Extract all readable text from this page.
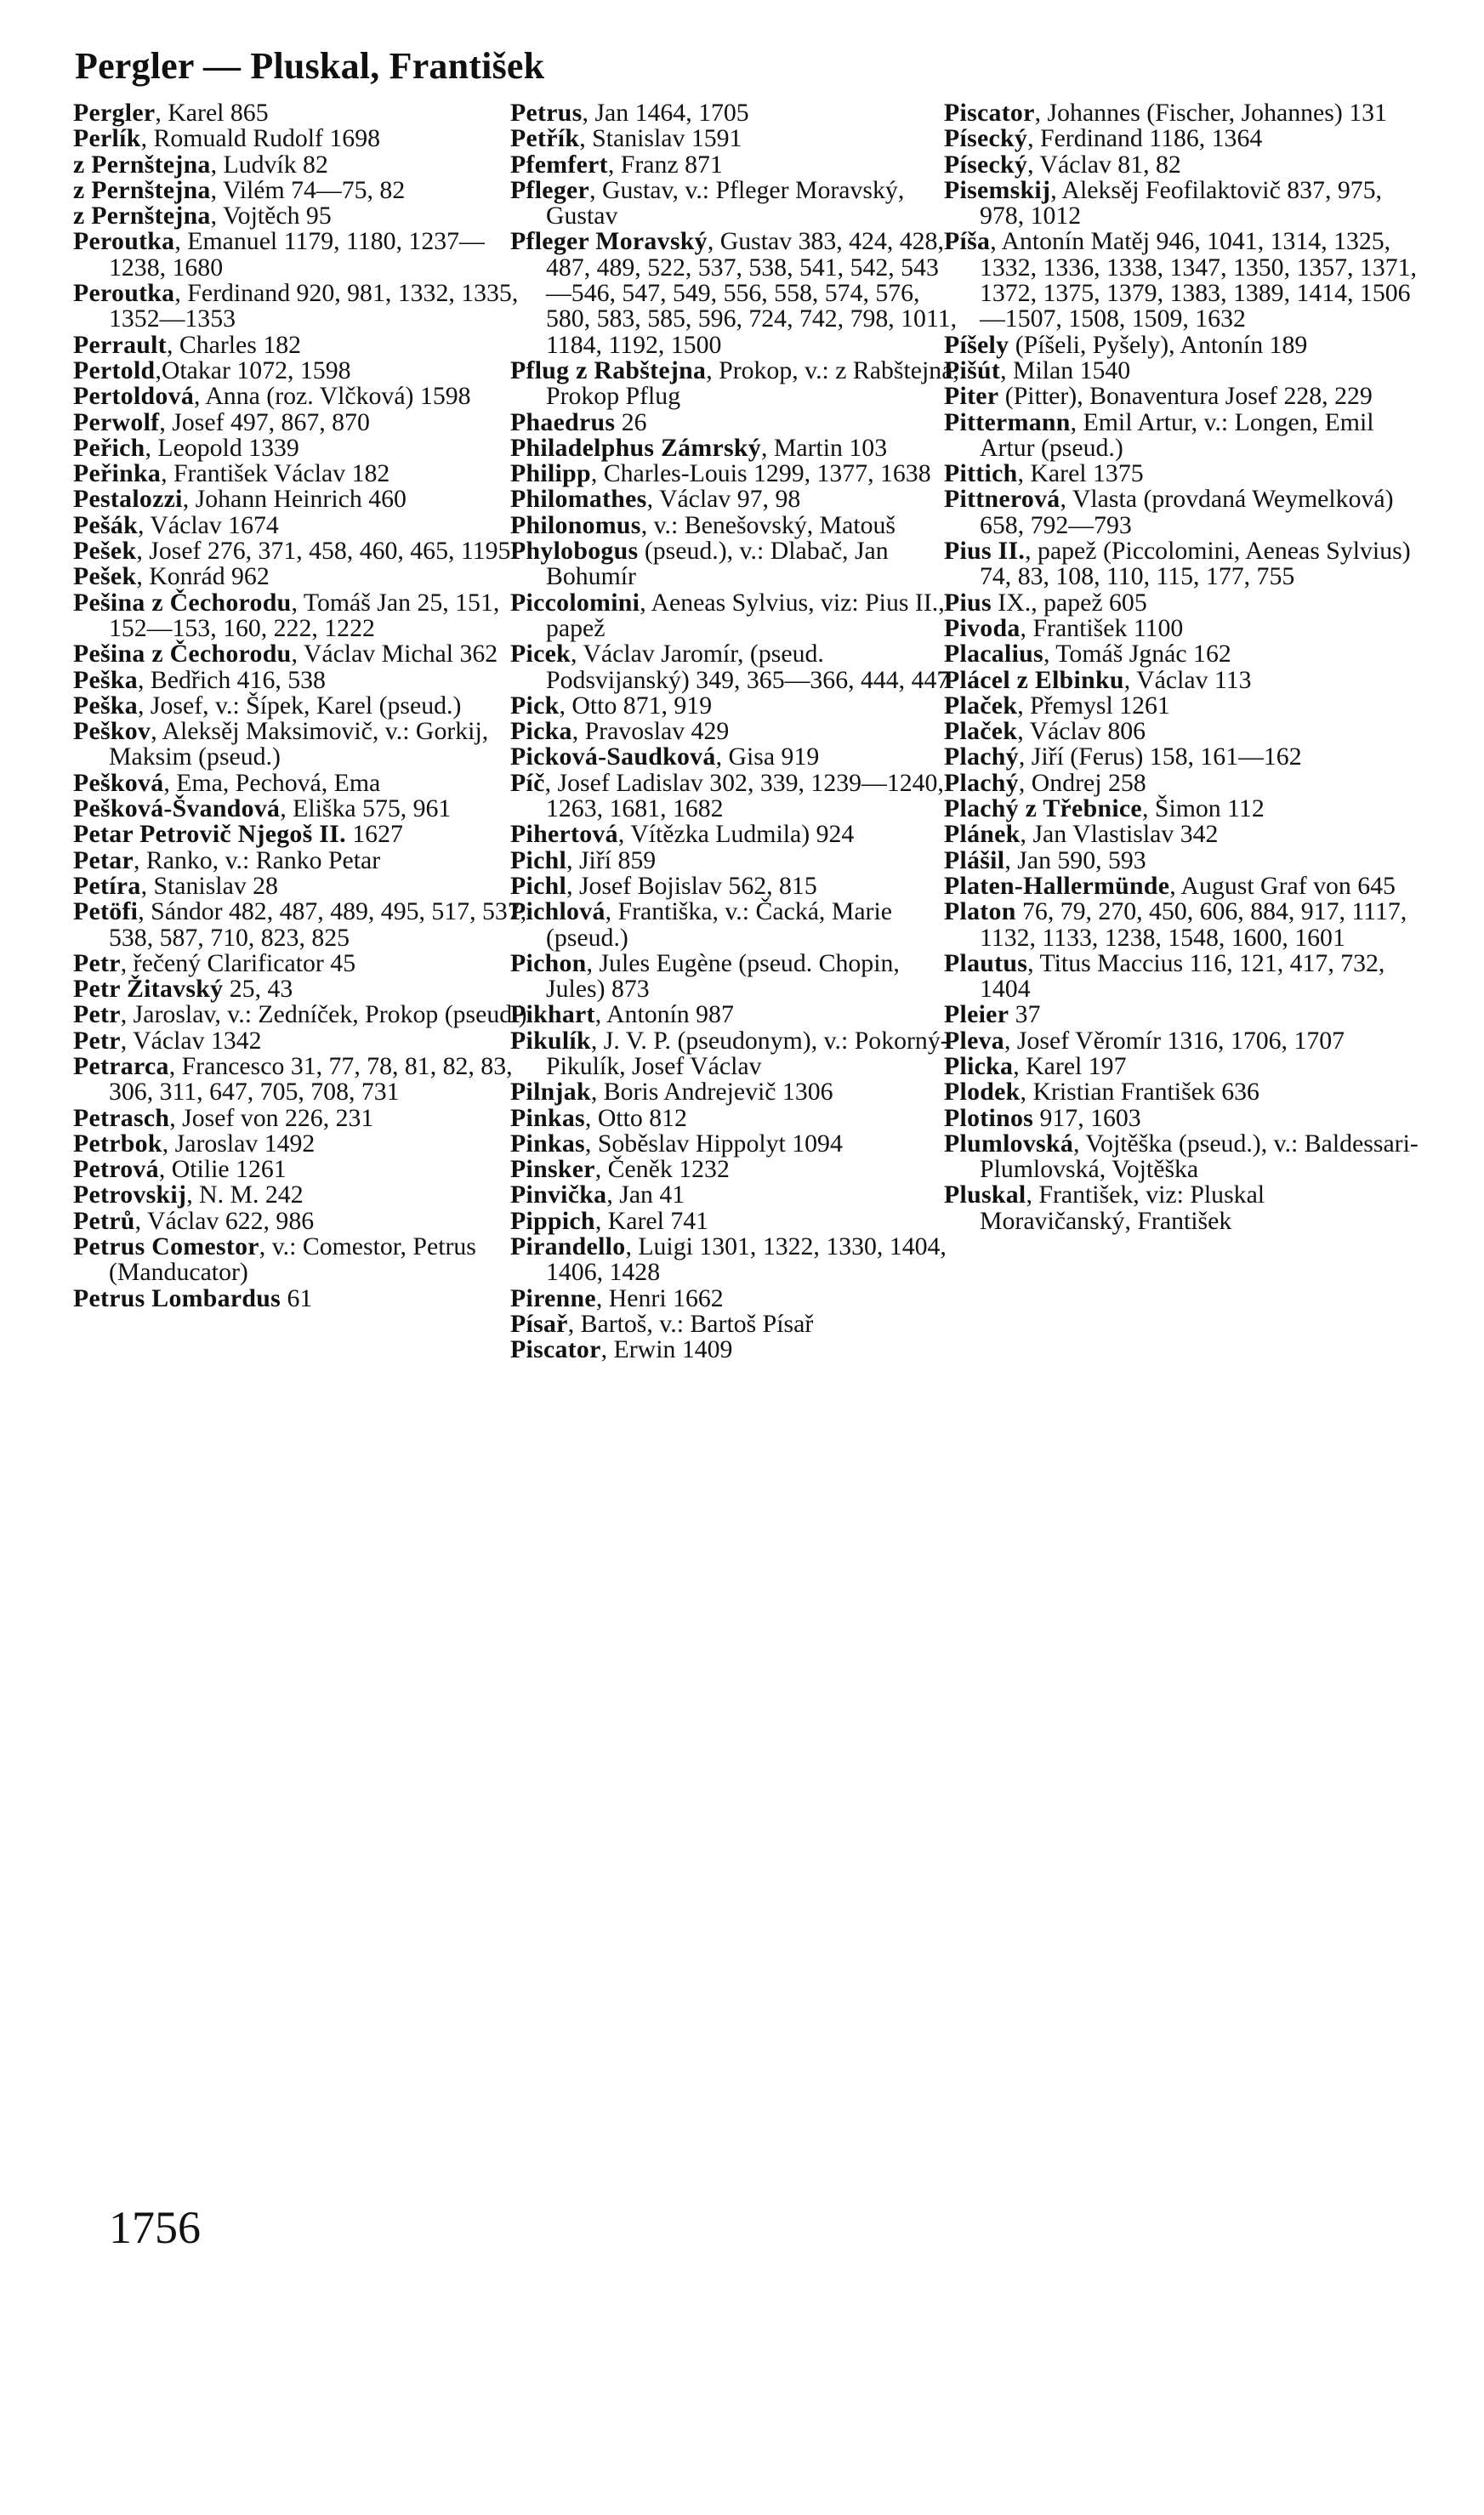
Pergler — Pluskal, František

Pergler, Karel 865

Perlík, Romuald Rudolf 1698

z Pernštejna, Ludvík 82

z Pernštejna, Vilém 74—75, 82

z Pernštejna, Vojtěch 95

Peroutka, Emanuel 1179, 1180, 1237—1238, 1680

Peroutka, Ferdinand 920, 981, 1332, 1335, 1352—1353

Perrault, Charles 182

Pertold,Otakar 1072, 1598

Pertoldová, Anna (roz. Vlčková) 1598

Perwolf, Josef 497, 867, 870

Peřich, Leopold 1339

Peřinka, František Václav 182

Pestalozzi, Johann Heinrich 460

Pešák, Václav 1674

Pešek, Josef 276, 371, 458, 460, 465, 1195

Pešek, Konrád 962

Pešina z Čechorodu, Tomáš Jan 25, 151, 152—153, 160, 222, 1222

Pešina z Čechorodu, Václav Michal 362

Peška, Bedřich 416, 538

Peška, Josef, v.: Šípek, Karel (pseud.)

Peškov, Aleksěj Maksimovič, v.: Gorkij, Maksim (pseud.)

Pešková, Ema, Pechová, Ema

Pešková-Švandová, Eliška 575, 961

Petar Petrovič Njegoš II. 1627

Petar, Ranko, v.: Ranko Petar

Petíra, Stanislav 28

Petöfi, Sándor 482, 487, 489, 495, 517, 537, 538, 587, 710, 823, 825

Petr, řečený Clarificator 45

Petr Žitavský 25, 43

Petr, Jaroslav, v.: Zedníček, Prokop (pseud.)

Petr, Václav 1342

Petrarca, Francesco 31, 77, 78, 81, 82, 83, 306, 311, 647, 705, 708, 731

Petrasch, Josef von 226, 231

Petrbok, Jaroslav 1492

Petrová, Otilie 1261

Petrovskij, N. M. 242

Petrů, Václav 622, 986

Petrus Comestor, v.: Comestor, Petrus (Manducator)

Petrus Lombardus 61

Petrus, Jan 1464, 1705

Petřík, Stanislav 1591

Pfemfert, Franz 871

Pfleger, Gustav, v.: Pfleger Moravský, Gustav

Pfleger Moravský, Gustav 383, 424, 428, 487, 489, 522, 537, 538, 541, 542, 543—546, 547, 549, 556, 558, 574, 576, 580, 583, 585, 596, 724, 742, 798, 1011, 1184, 1192, 1500

Pflug z Rabštejna, Prokop, v.: z Rabštejna, Prokop Pflug

Phaedrus 26

Philadelphus Zámrský, Martin 103

Philipp, Charles-Louis 1299, 1377, 1638

Philomathes, Václav 97, 98

Philonomus, v.: Benešovský, Matouš

Phylobogus (pseud.), v.: Dlabač, Jan Bohumír

Piccolomini, Aeneas Sylvius, viz: Pius II., papež

Picek, Václav Jaromír, (pseud. Podsvijanský) 349, 365—366, 444, 447

Pick, Otto 871, 919

Picka, Pravoslav 429

Picková-Saudková, Gisa 919

Píč, Josef Ladislav 302, 339, 1239—1240, 1263, 1681, 1682

Pihertová, Vítězka Ludmila) 924

Pichl, Jiří 859

Pichl, Josef Bojislav 562, 815

Pichlová, Františka, v.: Čacká, Marie (pseud.)

Pichon, Jules Eugène (pseud. Chopin, Jules) 873

Pikhart, Antonín 987

Pikulík, J. V. P. (pseudonym), v.: Pokorný-Pikulík, Josef Václav

Pilnjak, Boris Andrejevič 1306

Pinkas, Otto 812

Pinkas, Soběslav Hippolyt 1094

Pinsker, Čeněk 1232

Pinvička, Jan 41

Pippich, Karel 741

Pirandello, Luigi 1301, 1322, 1330, 1404, 1406, 1428

Pirenne, Henri 1662

Písař, Bartoš, v.: Bartoš Písař

Piscator, Erwin 1409

Piscator, Johannes (Fischer, Johannes) 131

Písecký, Ferdinand 1186, 1364

Písecký, Václav 81, 82

Pisemskij, Aleksěj Feofilaktovič 837, 975, 978, 1012

Píša, Antonín Matěj 946, 1041, 1314, 1325, 1332, 1336, 1338, 1347, 1350, 1357, 1371, 1372, 1375, 1379, 1383, 1389, 1414, 1506—1507, 1508, 1509, 1632

Píšely (Píšeli, Pyšely), Antonín 189

Pišút, Milan 1540

Piter (Pitter), Bonaventura Josef 228, 229

Pittermann, Emil Artur, v.: Longen, Emil Artur (pseud.)

Pittich, Karel 1375

Pittnerová, Vlasta (provdaná Weymelková) 658, 792—793

Pius II., papež (Piccolomini, Aeneas Sylvius) 74, 83, 108, 110, 115, 177, 755

Pius IX., papež 605

Pivoda, František 1100

Placalius, Tomáš Jgnác 162

Plácel z Elbinku, Václav 113

Plaček, Přemysl 1261

Plaček, Václav 806

Plachý, Jiří (Ferus) 158, 161—162

Plachý, Ondrej 258

Plachý z Třebnice, Šimon 112

Plánek, Jan Vlastislav 342

Plášil, Jan 590, 593

Platen-Hallermünde, August Graf von 645

Platon 76, 79, 270, 450, 606, 884, 917, 1117, 1132, 1133, 1238, 1548, 1600, 1601

Plautus, Titus Maccius 116, 121, 417, 732, 1404

Pleier 37

Pleva, Josef Věromír 1316, 1706, 1707

Plicka, Karel 197

Plodek, Kristian František 636

Plotinos 917, 1603

Plumlovská, Vojtěška (pseud.), v.: Baldessari-Plumlovská, Vojtěška

Pluskal, František, viz: Pluskal Moravičanský, František

1756
